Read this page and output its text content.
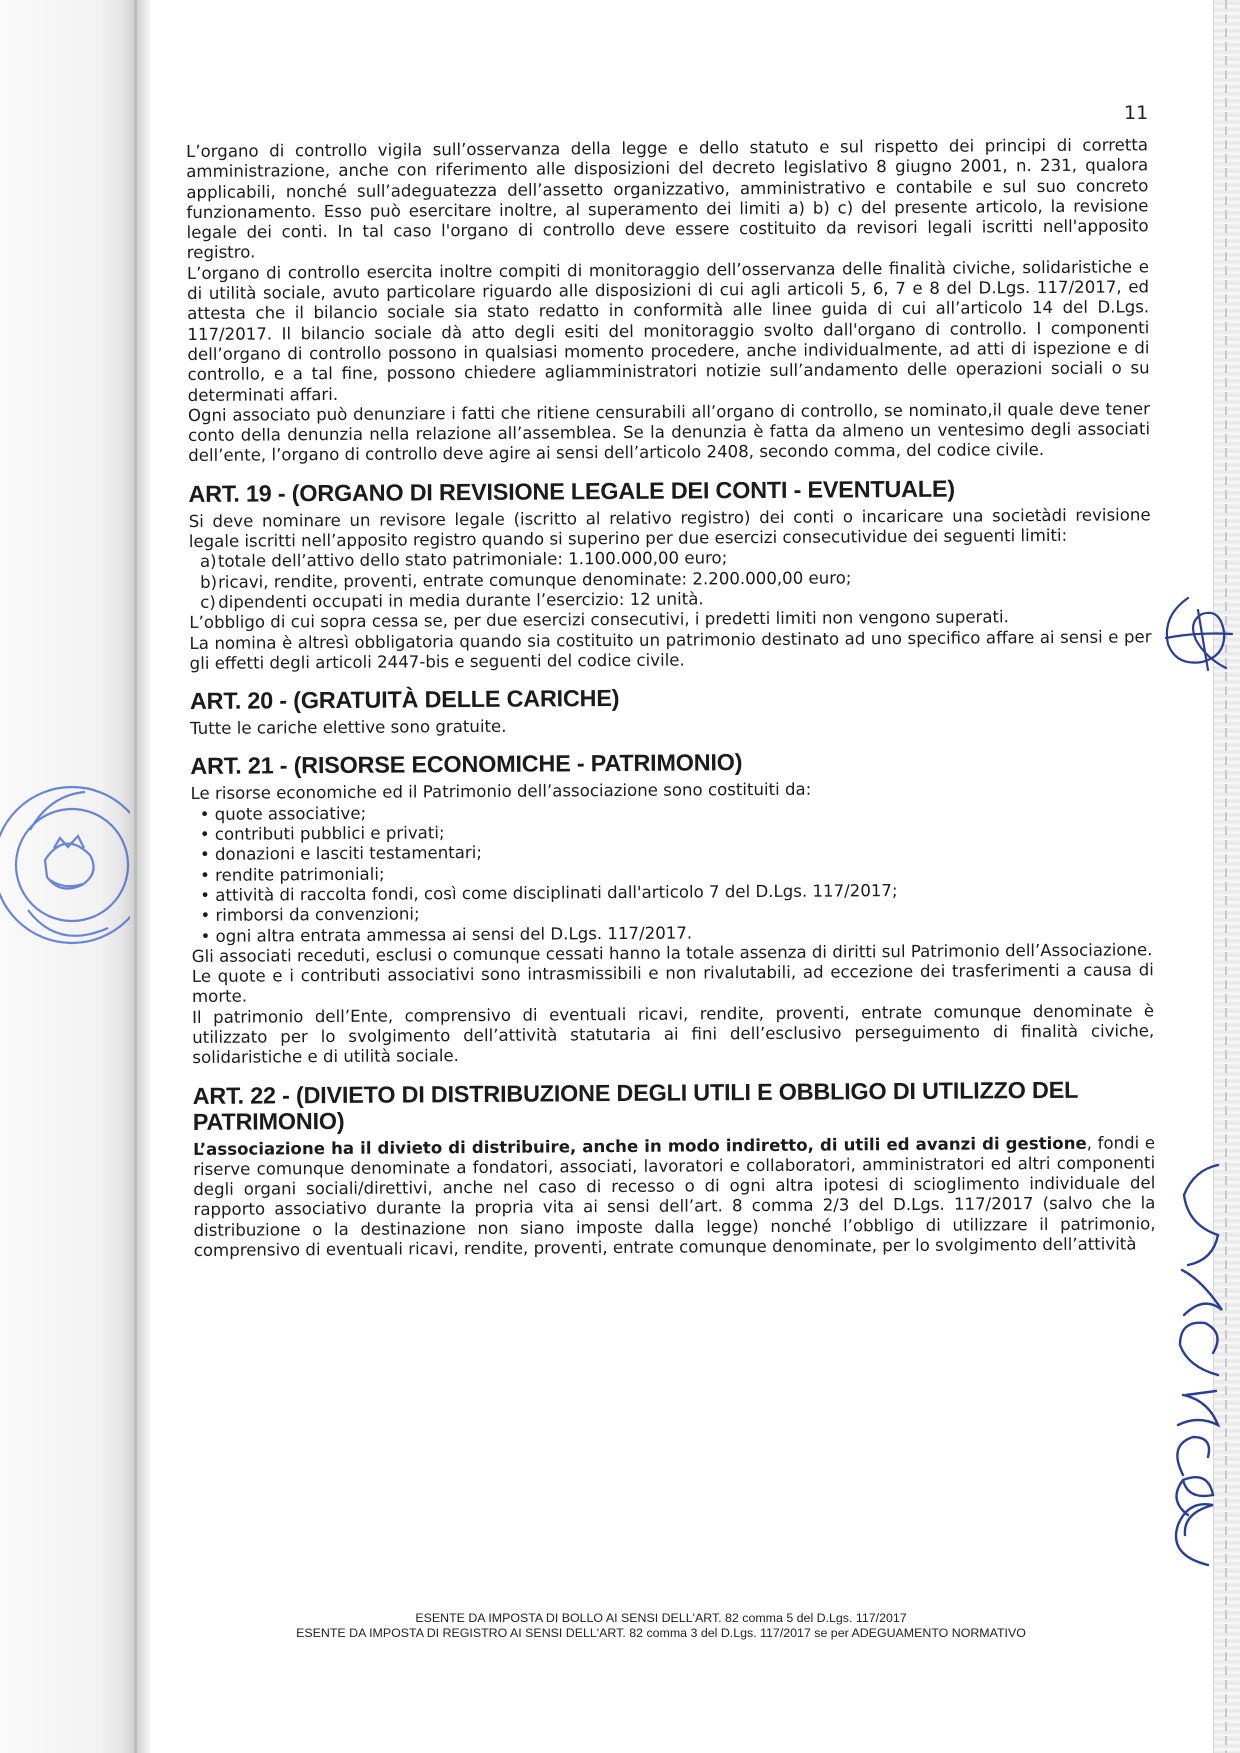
11

L’organo di controllo vigila sull’osservanza della legge e dello statuto e sul rispetto dei principi di corretta amministrazione, anche con riferimento alle disposizioni del decreto legislativo 8 giugno 2001, n. 231, qualora applicabili, nonché sull’adeguatezza dell’assetto organizzativo, amministrativo e contabile e sul suo concreto funzionamento. Esso può esercitare inoltre, al superamento dei limiti a) b) c) del presente articolo, la revisione legale dei conti. In tal caso l'organo di controllo deve essere costituito da revisori legali iscritti nell'apposito registro.

L’organo di controllo esercita inoltre compiti di monitoraggio dell’osservanza delle finalità civiche, solidaristiche e di utilità sociale, avuto particolare riguardo alle disposizioni di cui agli articoli 5, 6, 7 e 8 del D.Lgs. 117/2017, ed attesta che il bilancio sociale sia stato redatto in conformità alle linee guida di cui all’articolo 14 del D.Lgs. 117/2017. Il bilancio sociale dà atto degli esiti del monitoraggio svolto dall'organo di controllo. I componenti dell’organo di controllo possono in qualsiasi momento procedere, anche individualmente, ad atti di ispezione e di controllo, e a tal fine, possono chiedere agliamministratori notizie sull’andamento delle operazioni sociali o su determinati affari.

Ogni associato può denunziare i fatti che ritiene censurabili all’organo di controllo, se nominato,il quale deve tener conto della denunzia nella relazione all’assemblea. Se la denunzia è fatta da almeno un ventesimo degli associati dell’ente, l’organo di controllo deve agire ai sensi dell’articolo 2408, secondo comma, del codice civile.

ART. 19 - (ORGANO DI REVISIONE LEGALE DEI CONTI - EVENTUALE)

Si deve nominare un revisore legale (iscritto al relativo registro) dei conti o incaricare una societàdi revisione legale iscritti nell’apposito registro quando si superino per due esercizi consecutividue dei seguenti limiti:

a)totale dell’attivo dello stato patrimoniale: 1.100.000,00 euro;
b)ricavi, rendite, proventi, entrate comunque denominate: 2.200.000,00 euro;
c) dipendenti occupati in media durante l’esercizio: 12 unità.

L’obbligo di cui sopra cessa se, per due esercizi consecutivi, i predetti limiti non vengono superati.

La nomina è altresì obbligatoria quando sia costituito un patrimonio destinato ad uno specifico affare ai sensi e per gli effetti degli articoli 2447-bis e seguenti del codice civile.

ART. 20 - (GRATUITÀ DELLE CARICHE)

Tutte le cariche elettive sono gratuite.

ART. 21 - (RISORSE ECONOMICHE - PATRIMONIO)

Le risorse economiche ed il Patrimonio dell’associazione sono costituiti da:

• quote associative;
• contributi pubblici e privati;
• donazioni e lasciti testamentari;
• rendite patrimoniali;
• attività di raccolta fondi, così come disciplinati dall'articolo 7 del D.Lgs. 117/2017;
• rimborsi da convenzioni;
• ogni altra entrata ammessa ai sensi del D.Lgs. 117/2017.

Gli associati receduti, esclusi o comunque cessati hanno la totale assenza di diritti sul Patrimonio dell’Associazione.

Le quote e i contributi associativi sono intrasmissibili e non rivalutabili, ad eccezione dei trasferimenti a causa di morte.

Il patrimonio dell’Ente, comprensivo di eventuali ricavi, rendite, proventi, entrate comunque denominate è utilizzato per lo svolgimento dell’attività statutaria ai fini dell’esclusivo perseguimento di finalità civiche, solidaristiche e di utilità sociale.

ART. 22 - (DIVIETO DI DISTRIBUZIONE DEGLI UTILI E OBBLIGO DI UTILIZZO DEL PATRIMONIO)

L’associazione ha il divieto di distribuire, anche in modo indiretto, di utili ed avanzi di gestione, fondi e riserve comunque denominate a fondatori, associati, lavoratori e collaboratori, amministratori ed altri componenti degli organi sociali/direttivi, anche nel caso di recesso o di ogni altra ipotesi di scioglimento individuale del rapporto associativo durante la propria vita ai sensi dell’art. 8 comma 2/3 del D.Lgs. 117/2017 (salvo che la distribuzione o la destinazione non siano imposte dalla legge) nonché l’obbligo di utilizzare il patrimonio, comprensivo di eventuali ricavi, rendite, proventi, entrate comunque denominate, per lo svolgimento dell’attività

ESENTE DA IMPOSTA DI BOLLO AI SENSI DELL'ART. 82 comma 5 del D.Lgs. 117/2017
ESENTE DA IMPOSTA DI REGISTRO AI SENSI DELL'ART. 82 comma 3 del D.Lgs. 117/2017 se per ADEGUAMENTO NORMATIVO
